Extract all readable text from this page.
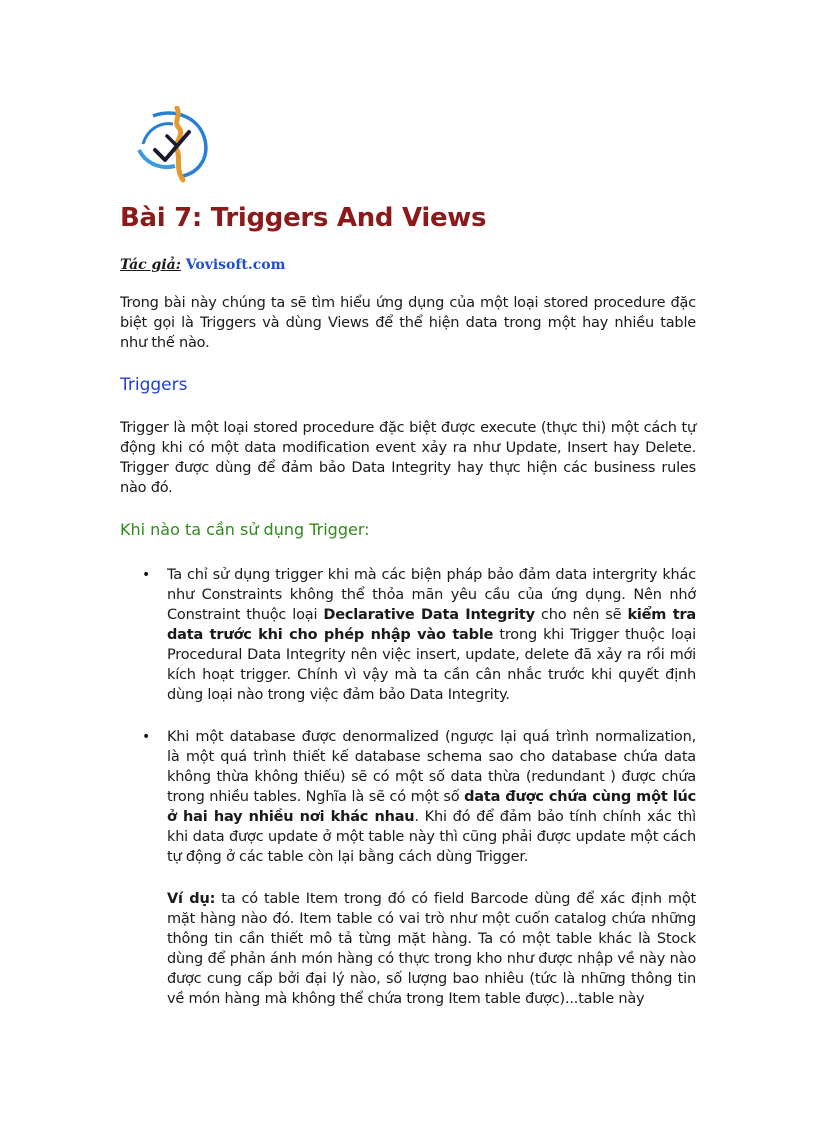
Bài 7: Triggers And Views
Tác giả: Vovisoft.com

Trong bài này chúng ta sẽ tìm hiểu ứng dụng của một loại stored procedure đặc biệt gọi là Triggers và dùng Views để thể hiện data trong một hay nhiều table như thế nào.

Triggers

Trigger là một loại stored procedure đặc biệt được execute (thực thi) một cách tự động khi có một data modification event xảy ra như Update, Insert hay Delete. Trigger được dùng để đảm bảo Data Integrity hay thực hiện các business rules nào đó.

Khi nào ta cần sử dụng Trigger:
• Ta chỉ sử dụng trigger khi mà các biện pháp bảo đảm data intergrity khác như Constraints không thể thỏa mãn yêu cầu của ứng dụng. Nên nhớ Constraint thuộc loại Declarative Data Integrity cho nên sẽ kiểm tra data trước khi cho phép nhập vào table trong khi Trigger thuộc loại Procedural Data Integrity nên việc insert, update, delete đã xảy ra rồi mới kích hoạt trigger. Chính vì vậy mà ta cần cân nhắc trước khi quyết định dùng loại nào trong việc đảm bảo Data Integrity.

• Khi một database được denormalized (ngược lại quá trình normalization, là một quá trình thiết kế database schema sao cho database chứa data không thừa không thiếu) sẽ có một số data thừa (redundant ) được chứa trong nhiều tables. Nghĩa là sẽ có một số data được chứa cùng một lúc ở hai hay nhiều nơi khác nhau. Khi đó để đảm bảo tính chính xác thì khi data được update ở một table này thì cũng phải được update một cách tự động ở các table còn lại bằng cách dùng Trigger.

Ví dụ: ta có table Item trong đó có field Barcode dùng để xác định một mặt hàng nào đó. Item table có vai trò như một cuốn catalog chứa những thông tin cần thiết mô tả từng mặt hàng. Ta có một table khác là Stock dùng để phản ánh món hàng có thực trong kho như được nhập về này nào được cung cấp bởi đại lý nào, số lượng bao nhiêu (tức là những thông tin về món hàng mà không thể chứa trong Item table được)...table này
